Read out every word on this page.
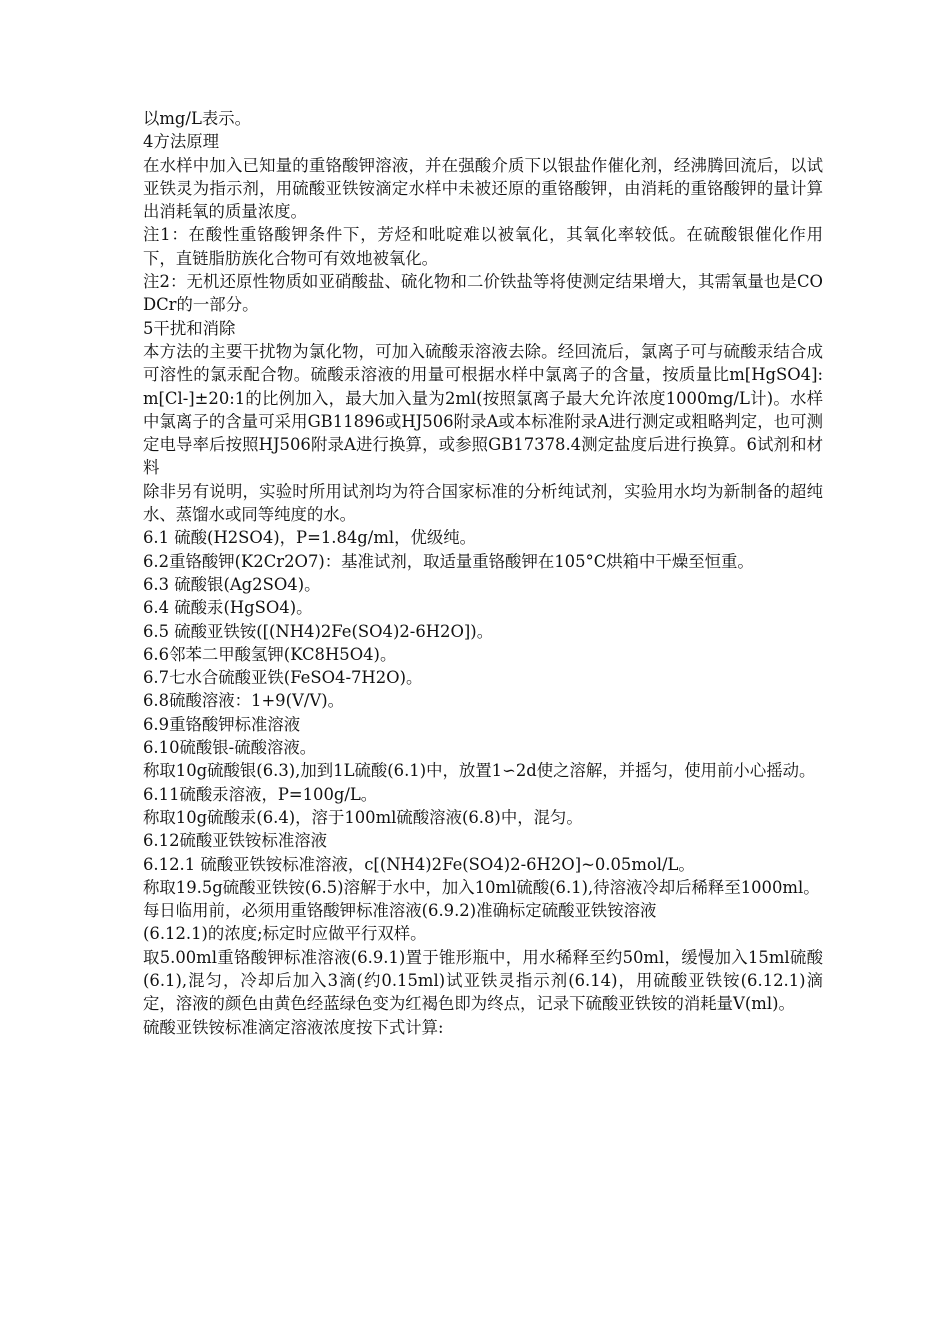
以mg/L表示。

4方法原理

在水样中加入已知量的重铬酸钾溶液，并在强酸介质下以银盐作催化剂，经沸腾回流后，以试亚铁灵为指示剂，用硫酸亚铁铵滴定水样中未被还原的重铬酸钾，由消耗的重铬酸钾的量计算出消耗氧的质量浓度。

注1：在酸性重铬酸钾条件下，芳烃和吡啶难以被氧化，其氧化率较低。在硫酸银催化作用下，直链脂肪族化合物可有效地被氧化。

注2：无机还原性物质如亚硝酸盐、硫化物和二价铁盐等将使测定结果增大，其需氧量也是CODCr的一部分。

5干扰和消除

本方法的主要干扰物为氯化物，可加入硫酸汞溶液去除。经回流后，氯离子可与硫酸汞结合成可溶性的氯汞配合物。硫酸汞溶液的用量可根据水样中氯离子的含量，按质量比m[HgSO4]:m[Cl-]±20:1的比例加入，最大加入量为2ml(按照氯离子最大允许浓度1000mg/L计)。水样中氯离子的含量可采用GB11896或HJ506附录A或本标准附录A进行测定或粗略判定，也可测定电导率后按照HJ506附录A进行换算，或参照GB17378.4测定盐度后进行换算。6试剂和材料

除非另有说明，实验时所用试剂均为符合国家标准的分析纯试剂，实验用水均为新制备的超纯水、蒸馏水或同等纯度的水。

6.1 硫酸(H2SO4)，P=1.84g/ml，优级纯。

6.2重铬酸钾(K2Cr2O7)：基准试剂，取适量重铬酸钾在105°C烘箱中干燥至恒重。

6.3 硫酸银(Ag2SO4)。

6.4 硫酸汞(HgSO4)。

6.5 硫酸亚铁铵([(NH4)2Fe(SO4)2-6H2O])。

6.6邻苯二甲酸氢钾(KC8H5O4)。

6.7七水合硫酸亚铁(FeSO4-7H2O)。

6.8硫酸溶液：1+9(V/V)。

6.9重铬酸钾标准溶液

6.10硫酸银-硫酸溶液。

称取10g硫酸银(6.3),加到1L硫酸(6.1)中，放置1∽2d使之溶解，并摇匀，使用前小心摇动。

6.11硫酸汞溶液，P=100g/L。

称取10g硫酸汞(6.4)，溶于100ml硫酸溶液(6.8)中，混匀。

6.12硫酸亚铁铵标准溶液

6.12.1 硫酸亚铁铵标准溶液，c[(NH4)2Fe(SO4)2-6H2O]~0.05mol/L。

称取19.5g硫酸亚铁铵(6.5)溶解于水中，加入10ml硫酸(6.1),待溶液冷却后稀释至1000ml。

每日临用前，必须用重铬酸钾标准溶液(6.9.2)准确标定硫酸亚铁铵溶液

(6.12.1)的浓度;标定时应做平行双样。

取5.00ml重铬酸钾标准溶液(6.9.1)置于锥形瓶中，用水稀释至约50ml，缓慢加入15ml硫酸(6.1),混匀，冷却后加入3滴(约0.15ml)试亚铁灵指示剂(6.14)，用硫酸亚铁铵(6.12.1)滴定，溶液的颜色由黄色经蓝绿色变为红褐色即为终点，记录下硫酸亚铁铵的消耗量V(ml)。

硫酸亚铁铵标准滴定溶液浓度按下式计算:
